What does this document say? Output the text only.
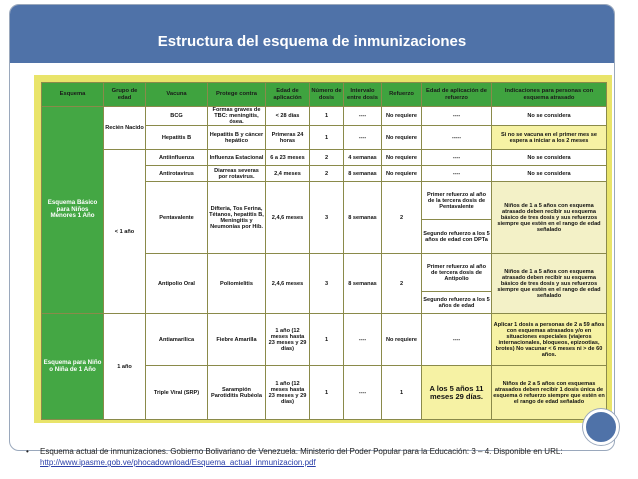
Estructura del esquema de inmunizaciones
Esquema	Grupo de edad	Vacuna	Protege contra	Edad de aplicación	Número de dosis	Intervalo entre dosis	Refuerzo	Edad de aplicación de refuerzo	Indicaciones para personas con esquema atrasado
Esquema Básico para Niños Menores 1 Año	Recién Nacido	BCG	Formas graves de TBC: meningitis, ósea.	< 28 días	1	----	No requiere	----	No se considera
		Hepatitis B	Hepatitis B y cáncer hepático	Primeras 24 horas	1	----	No requiere	-----	Si no se vacuna en el primer mes se espera a iniciar a los 2 meses
	< 1 año	Antiinfluenza	Influenza Estacional	6 a 23 meses	2	4 semanas	No requiere	----	No se considera
		Antirotavirus	Diarreas severas por rotavirus.	2,4 meses	2	8 semanas	No requiere	----	No se considera
		Pentavalente	Difteria, Tos Ferina, Tétanos, hepatitis B, Meningitis y Neumonías por Hib.	2,4,6 meses	3	8 semanas	2	Primer refuerzo al año de la tercera dosis de Pentavalente	Niños de 1 a 5 años con esquema atrasado deben recibir su esquema básico de tres dosis y sus refuerzos siempre que estén en el rango de edad señalado
								Segundo refuerzo a los 5 años de edad con DPTa	
		Antipolio Oral	Poliomielitis	2,4,6 meses	3	8 semanas	2	Primer refuerzo al año de tercera dosis de Antipolio	Niños de 1 a 5 años con esquema atrasado deben recibir su esquema básico de tres dosis y sus refuerzos siempre que estén en el rango de edad señalado
								Segundo refuerzo a los 5 años de edad	
Esquema para Niño o Niña de 1 Año	1 año	Antiamarílica	Fiebre Amarilla	1 año (12 meses hasta 23 meses y 29 días)	1	----	No requiere	----	Aplicar 1 dosis a personas de 2 a 59 años con esquemas atrasados y/o en situaciones especiales (viajeros internacionales, bloqueos, epizootias, brotes) No vacunar < 6 meses ni > de 60 años.
		Triple Viral (SRP)	Sarampión Parotiditis Rubéola	1 año (12 meses hasta 23 meses y 29 días)	1	----	1	A los 5 años 11 meses 29 días.	Niños de 2 a 5 años con esquemas atrasados deben recibir 1 dosis única de esquema ó refuerzo siempre que estén en el rango de edad señalado
• Esquema actual de inmunizaciones. Gobierno Bolivariano de Venezuela. Ministerio del Poder Popular para la Educación: 3 – 4. Disponible en URL: http://www.ipasme.gob.ve/phocadownload/Esquema_actual_inmunizacion.pdf
